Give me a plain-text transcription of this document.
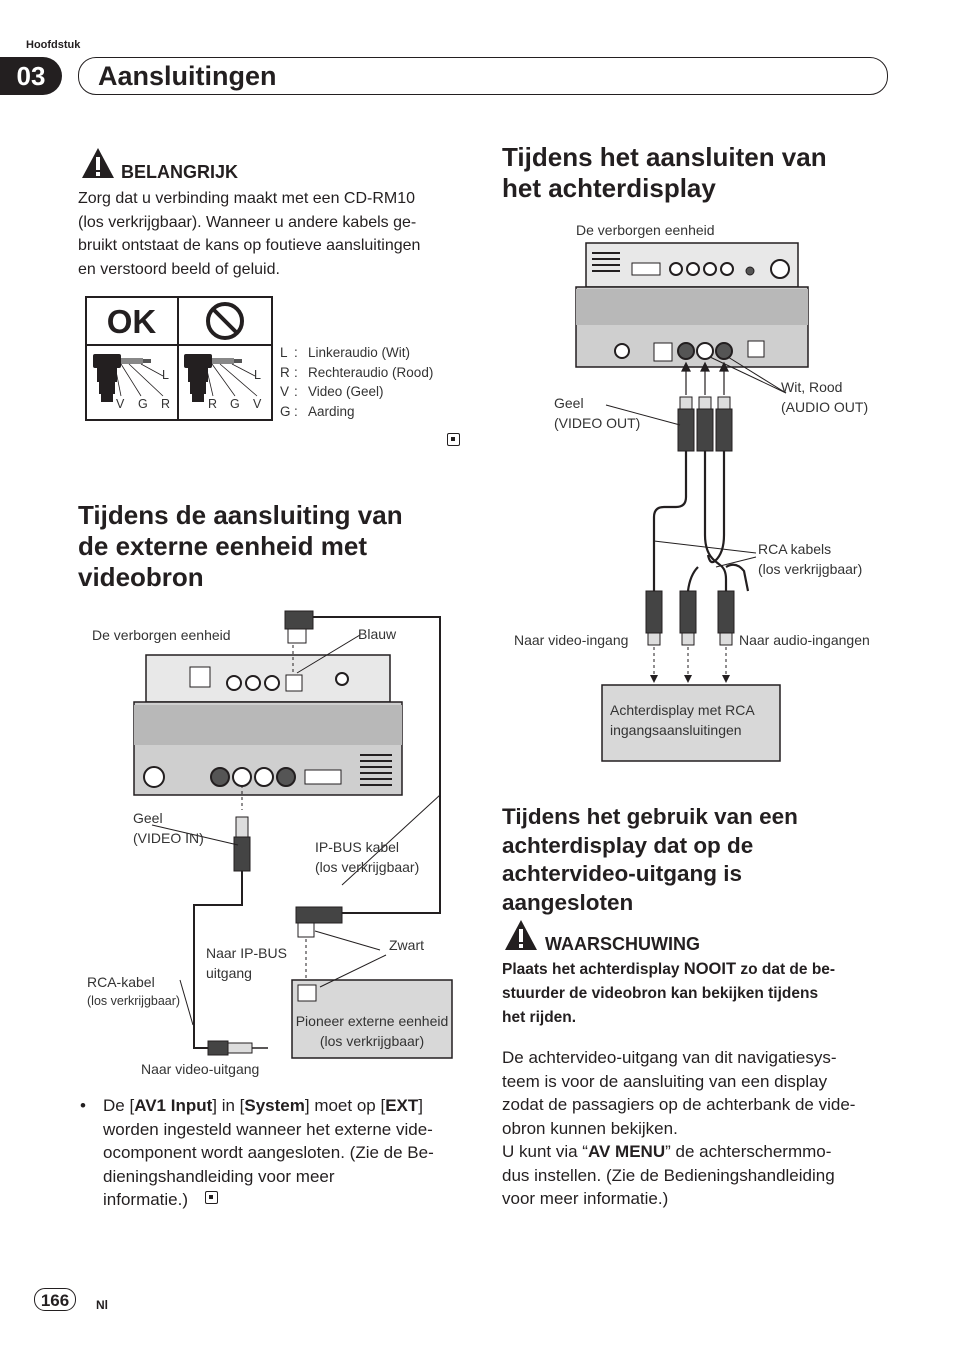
Hoofdstuk
03	Aansluitingen
BELANGRIJK
Zorg dat u verbinding maakt met een CD-RM10
(los verkrijgbaar). Wanneer u andere kabels ge-
bruikt ontstaat de kans op foutieve aansluitingen
en verstoord beeld of geluid.
OK
L
V G R
L
R G V
L : Linkeraudio (Wit)
R : Rechteraudio (Rood)
V : Video (Geel)
G : Aarding
Tijdens de aansluiting van
de externe eenheid met
videobron
De verborgen eenheid	Blauw
Geel
(VIDEO IN)
IP-BUS kabel
(los verkrijgbaar)
Naar IP-BUS
uitgang
Zwart
RCA-kabel
(los verkrijgbaar)
Pioneer externe eenheid
(los verkrijgbaar)
Naar video-uitgang
• De [AV1 Input] in [System] moet op [EXT]
worden ingesteld wanneer het externe vide-
ocomponent wordt aangesloten. (Zie de Be-
dieningshandleiding voor meer
informatie.)
Tijdens het aansluiten van
het achterdisplay
De verborgen eenheid
Geel
(VIDEO OUT)
Wit, Rood
(AUDIO OUT)
RCA kabels
(los verkrijgbaar)
Naar video-ingang	Naar audio-ingangen
Achterdisplay met RCA
ingangsaansluitingen
Tijdens het gebruik van een
achterdisplay dat op de
achtervideo-uitgang is
aangesloten
WAARSCHUWING
Plaats het achterdisplay NOOIT zo dat de be-
stuurder de videobron kan bekijken tijdens
het rijden.
De achtervideo-uitgang van dit navigatiesys-
teem is voor de aansluiting van een display
zodat de passagiers op de achterbank de vide-
obron kunnen bekijken.
U kunt via “AV MENU” de achterschermmo-
dus instellen. (Zie de Bedieningshandleiding
voor meer informatie.)
166	Nl
